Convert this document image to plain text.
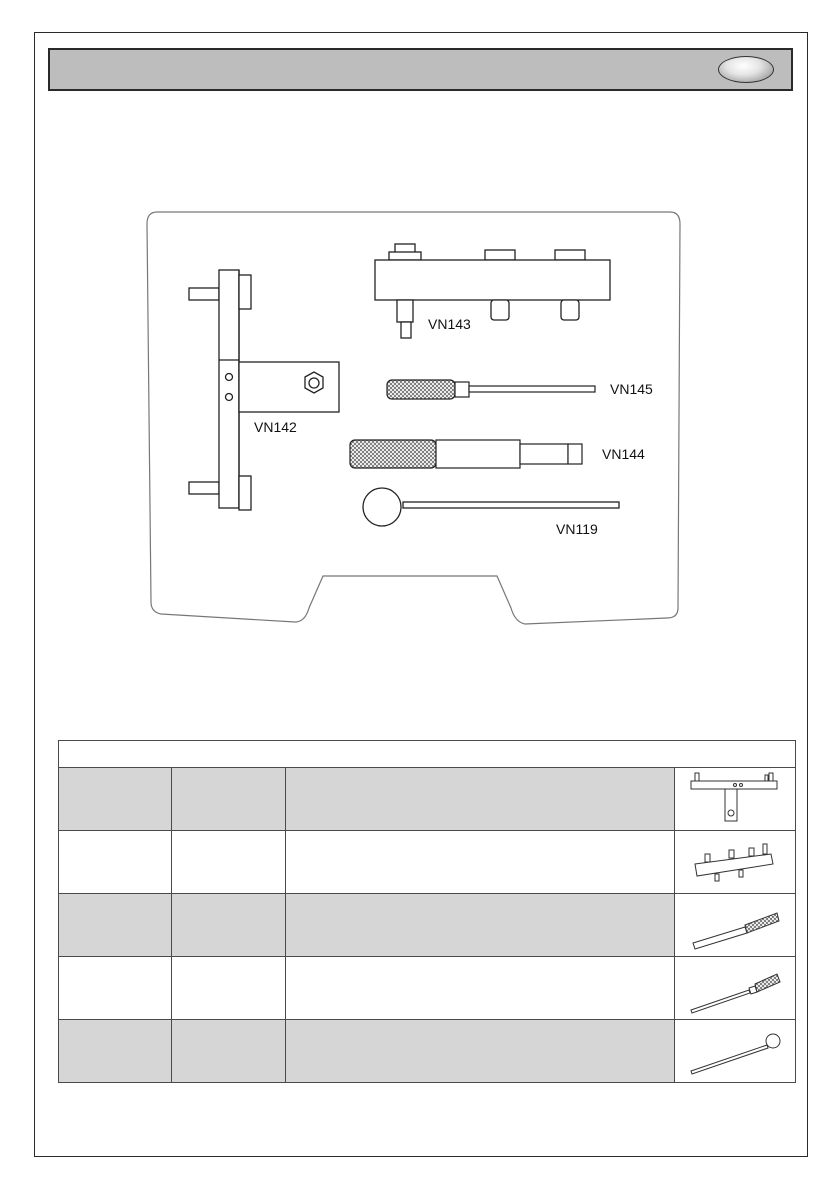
VN143
VN145
VN142
VN144
VN119
